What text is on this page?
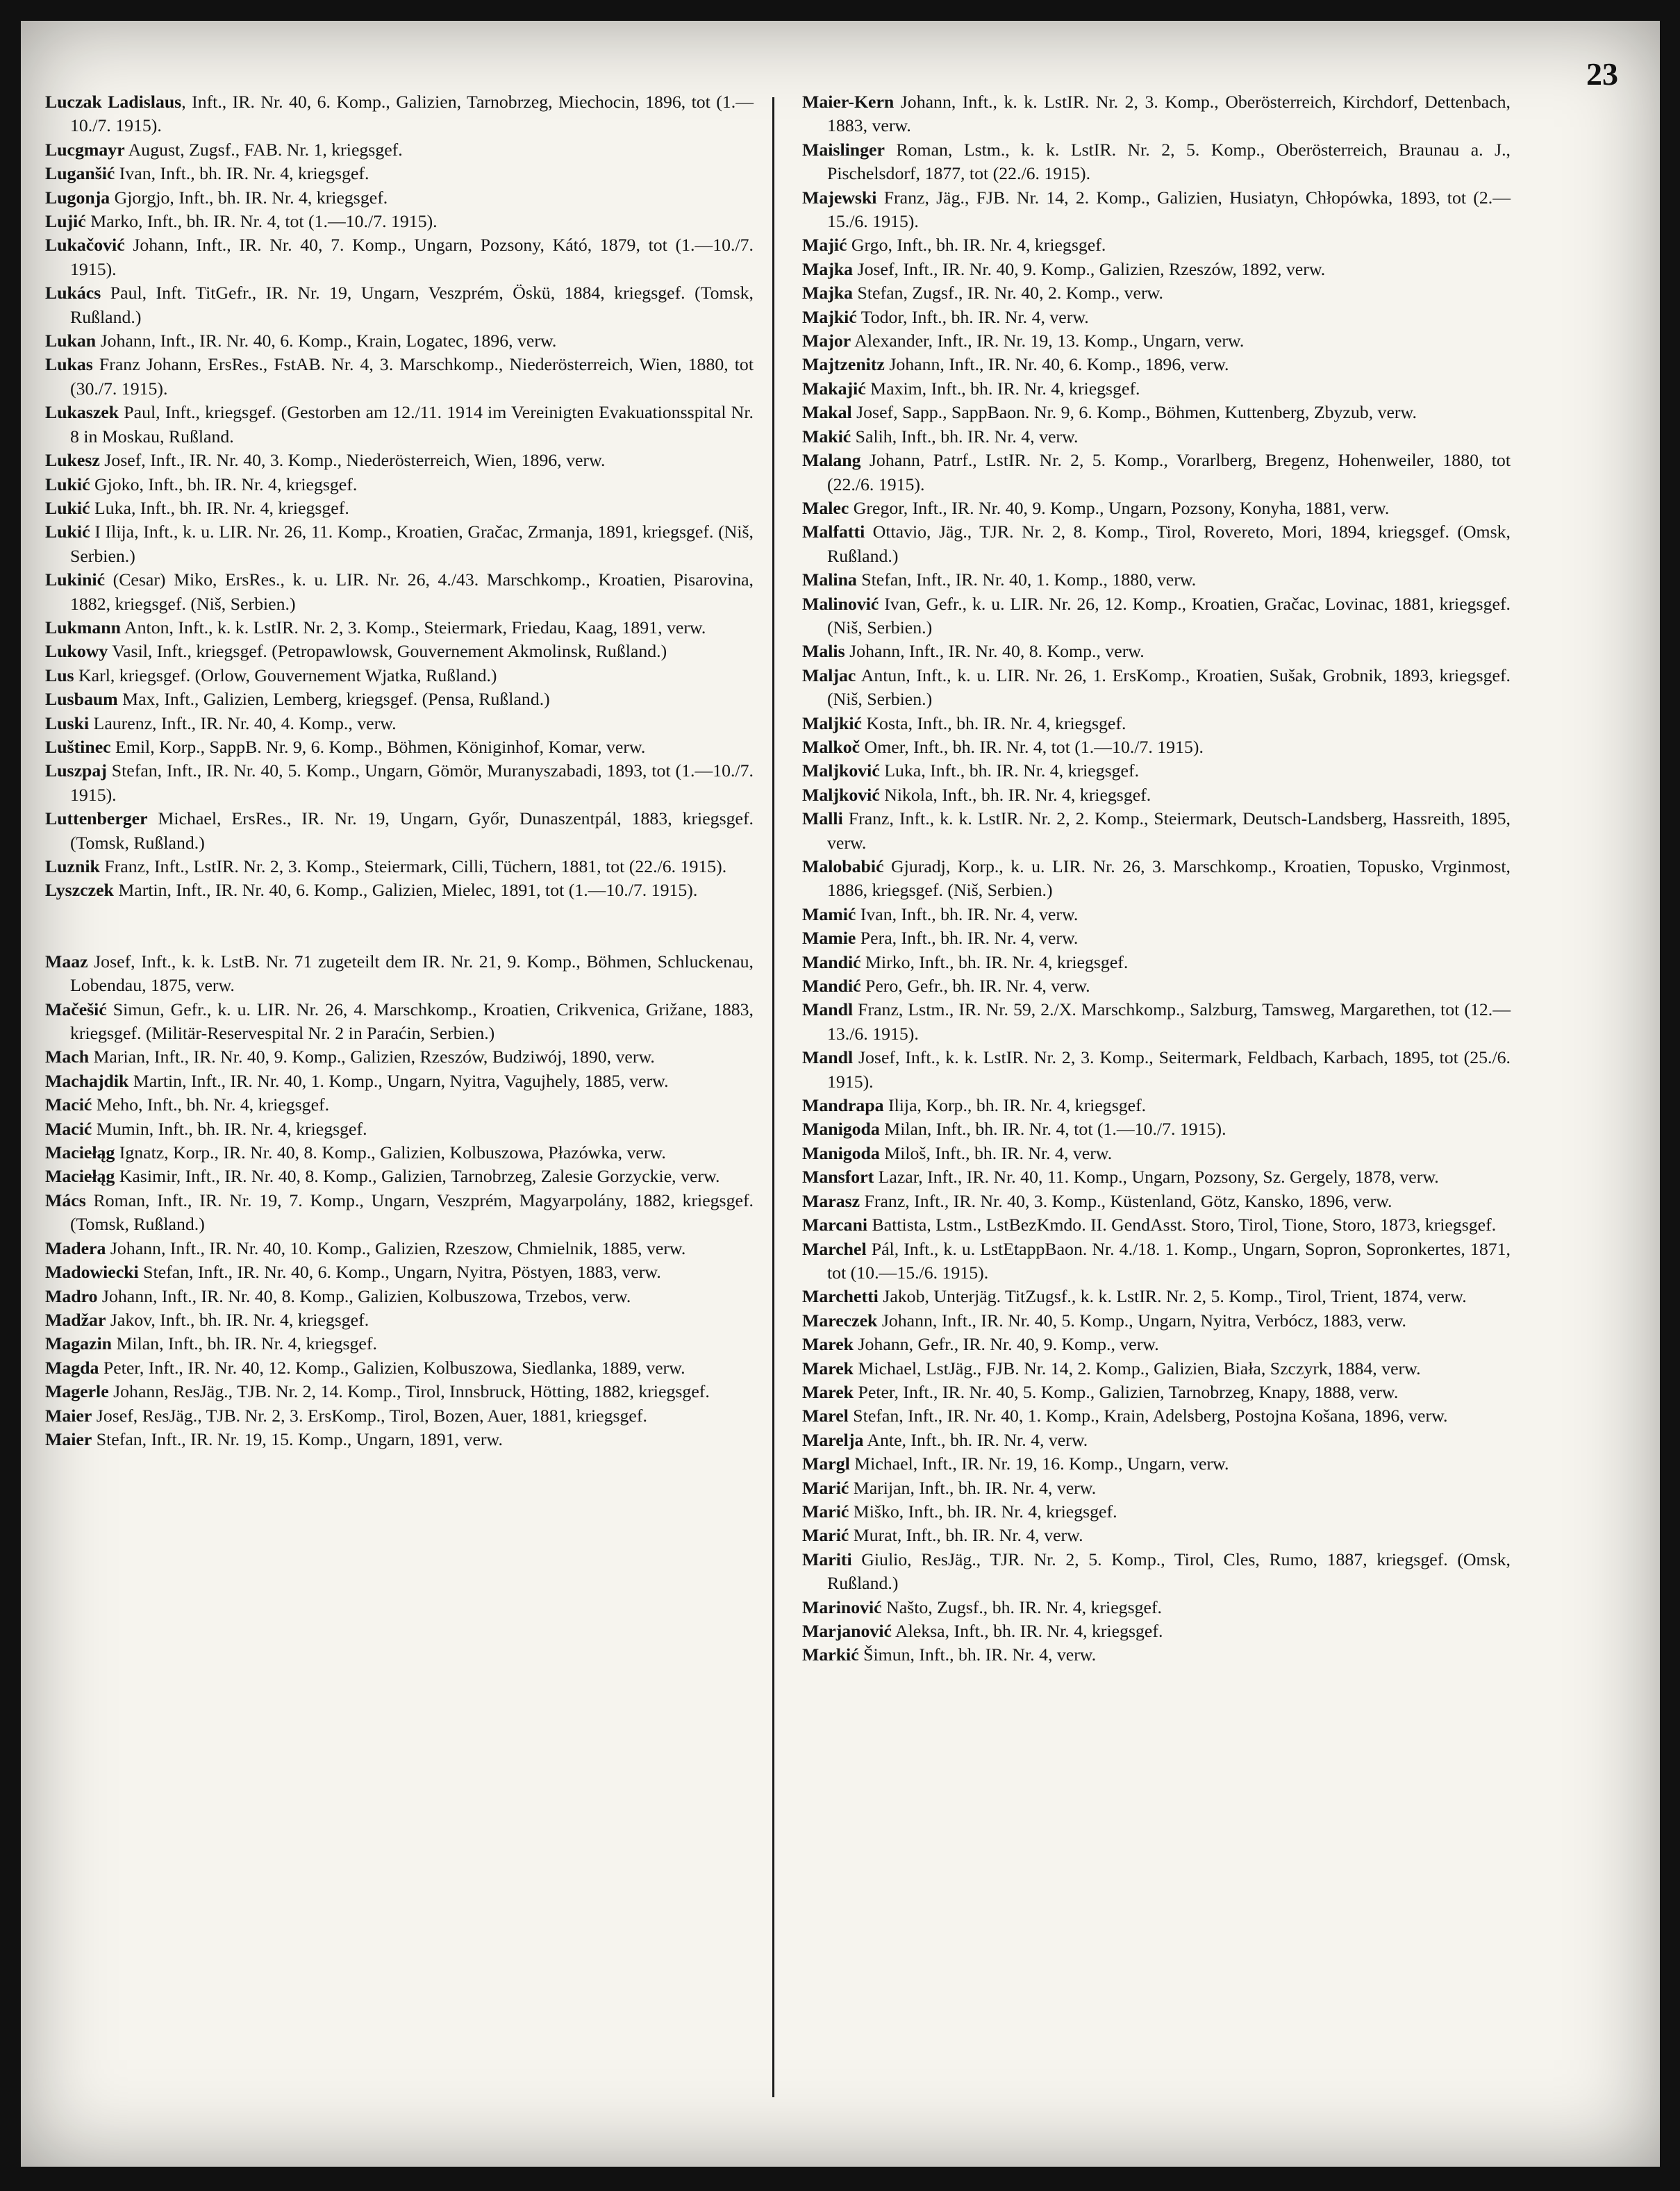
23

Luczak Ladislaus, Inft., IR. Nr. 40, 6. Komp., Galizien, Tarnobrzeg, Miechocin, 1896, tot (1.—10./7. 1915).

Lucgmayr August, Zugsf., FAB. Nr. 1, kriegsgef.

Luganšić Ivan, Inft., bh. IR. Nr. 4, kriegsgef.

Lugonja Gjorgjo, Inft., bh. IR. Nr. 4, kriegsgef.

Lujić Marko, Inft., bh. IR. Nr. 4, tot (1.—10./7. 1915).

Lukačović Johann, Inft., IR. Nr. 40, 7. Komp., Ungarn, Pozsony, Kátó, 1879, tot (1.—10./7. 1915).

Lukács Paul, Inft. TitGefr., IR. Nr. 19, Ungarn, Veszprém, Öskü, 1884, kriegsgef. (Tomsk, Rußland.)

Lukan Johann, Inft., IR. Nr. 40, 6. Komp., Krain, Logatec, 1896, verw.

Lukas Franz Johann, ErsRes., FstAB. Nr. 4, 3. Marschkomp., Niederösterreich, Wien, 1880, tot (30./7. 1915).

Lukaszek Paul, Inft., kriegsgef. (Gestorben am 12./11. 1914 im Vereinigten Evakuationsspital Nr. 8 in Moskau, Rußland.

Lukesz Josef, Inft., IR. Nr. 40, 3. Komp., Niederösterreich, Wien, 1896, verw.

Lukić Gjoko, Inft., bh. IR. Nr. 4, kriegsgef.

Lukić Luka, Inft., bh. IR. Nr. 4, kriegsgef.

Lukić I Ilija, Inft., k. u. LIR. Nr. 26, 11. Komp., Kroatien, Gračac, Zrmanja, 1891, kriegsgef. (Niš, Serbien.)

Lukinić (Cesar) Miko, ErsRes., k. u. LIR. Nr. 26, 4./43. Marschkomp., Kroatien, Pisarovina, 1882, kriegsgef. (Niš, Serbien.)

Lukmann Anton, Inft., k. k. LstIR. Nr. 2, 3. Komp., Steiermark, Friedau, Kaag, 1891, verw.

Lukowy Vasil, Inft., kriegsgef. (Petropawlowsk, Gouvernement Akmolinsk, Rußland.)

Lus Karl, kriegsgef. (Orlow, Gouvernement Wjatka, Rußland.)

Lusbaum Max, Inft., Galizien, Lemberg, kriegsgef. (Pensa, Rußland.)

Luski Laurenz, Inft., IR. Nr. 40, 4. Komp., verw.

Luštinec Emil, Korp., SappB. Nr. 9, 6. Komp., Böhmen, Königinhof, Komar, verw.

Luszpaj Stefan, Inft., IR. Nr. 40, 5. Komp., Ungarn, Gömör, Muranyszabadi, 1893, tot (1.—10./7. 1915).

Luttenberger Michael, ErsRes., IR. Nr. 19, Ungarn, Győr, Dunaszentpál, 1883, kriegsgef. (Tomsk, Rußland.)

Luznik Franz, Inft., LstIR. Nr. 2, 3. Komp., Steiermark, Cilli, Tüchern, 1881, tot (22./6. 1915).

Lyszczek Martin, Inft., IR. Nr. 40, 6. Komp., Galizien, Mielec, 1891, tot (1.—10./7. 1915).

Maaz Josef, Inft., k. k. LstB. Nr. 71 zugeteilt dem IR. Nr. 21, 9. Komp., Böhmen, Schluckenau, Lobendau, 1875, verw.

Mačešić Simun, Gefr., k. u. LIR. Nr. 26, 4. Marschkomp., Kroatien, Crikvenica, Grižane, 1883, kriegsgef. (Militär-Reservespital Nr. 2 in Paraćin, Serbien.)

Mach Marian, Inft., IR. Nr. 40, 9. Komp., Galizien, Rzeszów, Budziwój, 1890, verw.

Machajdik Martin, Inft., IR. Nr. 40, 1. Komp., Ungarn, Nyitra, Vagujhely, 1885, verw.

Macić Meho, Inft., bh. Nr. 4, kriegsgef.

Macić Mumin, Inft., bh. IR. Nr. 4, kriegsgef.

Maciełąg Ignatz, Korp., IR. Nr. 40, 8. Komp., Galizien, Kolbuszowa, Płazówka, verw.

Maciełąg Kasimir, Inft., IR. Nr. 40, 8. Komp., Galizien, Tarnobrzeg, Zalesie Gorzyckie, verw.

Mács Roman, Inft., IR. Nr. 19, 7. Komp., Ungarn, Veszprém, Magyarpolány, 1882, kriegsgef. (Tomsk, Rußland.)

Madera Johann, Inft., IR. Nr. 40, 10. Komp., Galizien, Rzeszow, Chmielnik, 1885, verw.

Madowiecki Stefan, Inft., IR. Nr. 40, 6. Komp., Ungarn, Nyitra, Pöstyen, 1883, verw.

Madro Johann, Inft., IR. Nr. 40, 8. Komp., Galizien, Kolbuszowa, Trzebos, verw.

Madžar Jakov, Inft., bh. IR. Nr. 4, kriegsgef.

Magazin Milan, Inft., bh. IR. Nr. 4, kriegsgef.

Magda Peter, Inft., IR. Nr. 40, 12. Komp., Galizien, Kolbuszowa, Siedlanka, 1889, verw.

Magerle Johann, ResJäg., TJB. Nr. 2, 14. Komp., Tirol, Innsbruck, Hötting, 1882, kriegsgef.

Maier Josef, ResJäg., TJB. Nr. 2, 3. ErsKomp., Tirol, Bozen, Auer, 1881, kriegsgef.

Maier Stefan, Inft., IR. Nr. 19, 15. Komp., Ungarn, 1891, verw.

Maier-Kern Johann, Inft., k. k. LstIR. Nr. 2, 3. Komp., Oberösterreich, Kirchdorf, Dettenbach, 1883, verw.

Maislinger Roman, Lstm., k. k. LstIR. Nr. 2, 5. Komp., Oberösterreich, Braunau a. J., Pischelsdorf, 1877, tot (22./6. 1915).

Majewski Franz, Jäg., FJB. Nr. 14, 2. Komp., Galizien, Husiatyn, Chłopówka, 1893, tot (2.—15./6. 1915).

Majić Grgo, Inft., bh. IR. Nr. 4, kriegsgef.

Majka Josef, Inft., IR. Nr. 40, 9. Komp., Galizien, Rzeszów, 1892, verw.

Majka Stefan, Zugsf., IR. Nr. 40, 2. Komp., verw.

Majkić Todor, Inft., bh. IR. Nr. 4, verw.

Major Alexander, Inft., IR. Nr. 19, 13. Komp., Ungarn, verw.

Majtzenitz Johann, Inft., IR. Nr. 40, 6. Komp., 1896, verw.

Makajić Maxim, Inft., bh. IR. Nr. 4, kriegsgef.

Makal Josef, Sapp., SappBaon. Nr. 9, 6. Komp., Böhmen, Kuttenberg, Zbyzub, verw.

Makić Salih, Inft., bh. IR. Nr. 4, verw.

Malang Johann, Patrf., LstIR. Nr. 2, 5. Komp., Vorarlberg, Bregenz, Hohenweiler, 1880, tot (22./6. 1915).

Malec Gregor, Inft., IR. Nr. 40, 9. Komp., Ungarn, Pozsony, Konyha, 1881, verw.

Malfatti Ottavio, Jäg., TJR. Nr. 2, 8. Komp., Tirol, Rovereto, Mori, 1894, kriegsgef. (Omsk, Rußland.)

Malina Stefan, Inft., IR. Nr. 40, 1. Komp., 1880, verw.

Malinović Ivan, Gefr., k. u. LIR. Nr. 26, 12. Komp., Kroatien, Gračac, Lovinac, 1881, kriegsgef. (Niš, Serbien.)

Malis Johann, Inft., IR. Nr. 40, 8. Komp., verw.

Maljac Antun, Inft., k. u. LIR. Nr. 26, 1. ErsKomp., Kroatien, Sušak, Grobnik, 1893, kriegsgef. (Niš, Serbien.)

Maljkić Kosta, Inft., bh. IR. Nr. 4, kriegsgef.

Malkoč Omer, Inft., bh. IR. Nr. 4, tot (1.—10./7. 1915).

Maljković Luka, Inft., bh. IR. Nr. 4, kriegsgef.

Maljković Nikola, Inft., bh. IR. Nr. 4, kriegsgef.

Malli Franz, Inft., k. k. LstIR. Nr. 2, 2. Komp., Steiermark, Deutsch-Landsberg, Hassreith, 1895, verw.

Malobabić Gjuradj, Korp., k. u. LIR. Nr. 26, 3. Marschkomp., Kroatien, Topusko, Vrginmost, 1886, kriegsgef. (Niš, Serbien.)

Mamić Ivan, Inft., bh. IR. Nr. 4, verw.

Mamie Pera, Inft., bh. IR. Nr. 4, verw.

Mandić Mirko, Inft., bh. IR. Nr. 4, kriegsgef.

Mandić Pero, Gefr., bh. IR. Nr. 4, verw.

Mandl Franz, Lstm., IR. Nr. 59, 2./X. Marschkomp., Salzburg, Tamsweg, Margarethen, tot (12.—13./6. 1915).

Mandl Josef, Inft., k. k. LstIR. Nr. 2, 3. Komp., Seitermark, Feldbach, Karbach, 1895, tot (25./6. 1915).

Mandrapa Ilija, Korp., bh. IR. Nr. 4, kriegsgef.

Manigoda Milan, Inft., bh. IR. Nr. 4, tot (1.—10./7. 1915).

Manigoda Miloš, Inft., bh. IR. Nr. 4, verw.

Mansfort Lazar, Inft., IR. Nr. 40, 11. Komp., Ungarn, Pozsony, Sz. Gergely, 1878, verw.

Marasz Franz, Inft., IR. Nr. 40, 3. Komp., Küstenland, Götz, Kansko, 1896, verw.

Marcani Battista, Lstm., LstBezKmdo. II. GendAsst. Storo, Tirol, Tione, Storo, 1873, kriegsgef.

Marchel Pál, Inft., k. u. LstEtappBaon. Nr. 4./18. 1. Komp., Ungarn, Sopron, Sopronkertes, 1871, tot (10.—15./6. 1915).

Marchetti Jakob, Unterjäg. TitZugsf., k. k. LstIR. Nr. 2, 5. Komp., Tirol, Trient, 1874, verw.

Mareczek Johann, Inft., IR. Nr. 40, 5. Komp., Ungarn, Nyitra, Verbócz, 1883, verw.

Marek Johann, Gefr., IR. Nr. 40, 9. Komp., verw.

Marek Michael, LstJäg., FJB. Nr. 14, 2. Komp., Galizien, Biała, Szczyrk, 1884, verw.

Marek Peter, Inft., IR. Nr. 40, 5. Komp., Galizien, Tarnobrzeg, Knapy, 1888, verw.

Marel Stefan, Inft., IR. Nr. 40, 1. Komp., Krain, Adelsberg, Postojna Košana, 1896, verw.

Marelja Ante, Inft., bh. IR. Nr. 4, verw.

Margl Michael, Inft., IR. Nr. 19, 16. Komp., Ungarn, verw.

Marić Marijan, Inft., bh. IR. Nr. 4, verw.

Marić Miško, Inft., bh. IR. Nr. 4, kriegsgef.

Marić Murat, Inft., bh. IR. Nr. 4, verw.

Mariti Giulio, ResJäg., TJR. Nr. 2, 5. Komp., Tirol, Cles, Rumo, 1887, kriegsgef. (Omsk, Rußland.)

Marinović Našto, Zugsf., bh. IR. Nr. 4, kriegsgef.

Marjanović Aleksa, Inft., bh. IR. Nr. 4, kriegsgef.

Markić Šimun, Inft., bh. IR. Nr. 4, verw.
